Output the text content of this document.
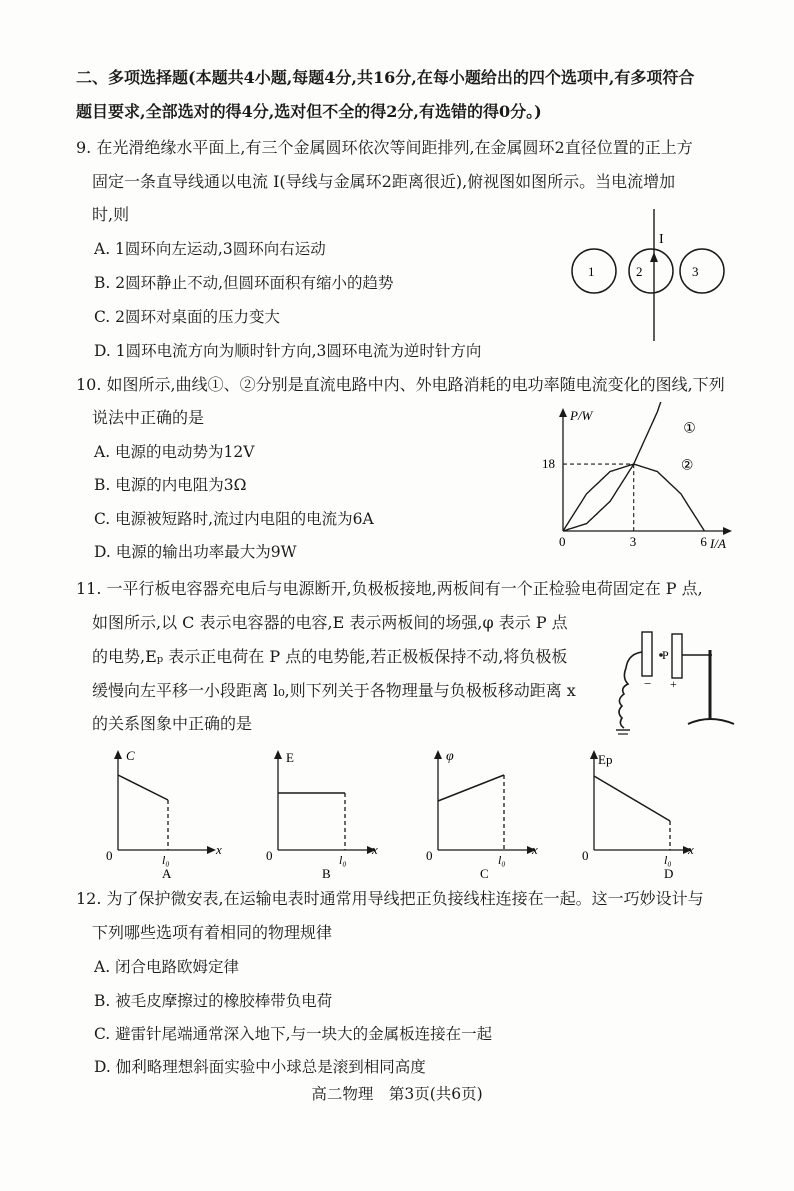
二、多项选择题(本题共4小题,每题4分,共16分,在每小题给出的四个选项中,有多项符合
题目要求,全部选对的得4分,选对但不全的得2分,有选错的得0分。)
9. 在光滑绝缘水平面上,有三个金属圆环依次等间距排列,在金属圆环2直径位置的正上方
固定一条直导线通以电流 I(导线与金属环2距离很近),俯视图如图所示。当电流增加
时,则
A. 1圆环向左运动,3圆环向右运动
B. 2圆环静止不动,但圆环面积有缩小的趋势
C. 2圆环对桌面的压力变大
D. 1圆环电流方向为顺时针方向,3圆环电流为逆时针方向
I
1	2	3
10. 如图所示,曲线①、②分别是直流电路中内、外电路消耗的电功率随电流变化的图线,下列
说法中正确的是
A. 电源的电动势为12V
B. 电源的内电阻为3Ω
C. 电源被短路时,流过内电阻的电流为6A
D. 电源的输出功率最大为9W
P/W
I/A
0	3	6
18
①
②
11. 一平行板电容器充电后与电源断开,负极板接地,两板间有一个正检验电荷固定在 P 点,
如图所示,以 C 表示电容器的电容,E 表示两板间的场强,φ 表示 P 点
的电势,Eₚ 表示正电荷在 P 点的电势能,若正极板保持不动,将负极板
缓慢向左平移一小段距离 l₀,则下列关于各物理量与负极板移动距离 x
的关系图象中正确的是
P
− +
C
0	l₀
x
A
E
0	l₀
x
B
φ
0	l₀
x
C
Ep
0	l₀
x
D
12. 为了保护微安表,在运输电表时通常用导线把正负接线柱连接在一起。这一巧妙设计与
下列哪些选项有着相同的物理规律
A. 闭合电路欧姆定律
B. 被毛皮摩擦过的橡胶棒带负电荷
C. 避雷针尾端通常深入地下,与一块大的金属板连接在一起
D. 伽利略理想斜面实验中小球总是滚到相同高度
高二物理　第3页(共6页)
